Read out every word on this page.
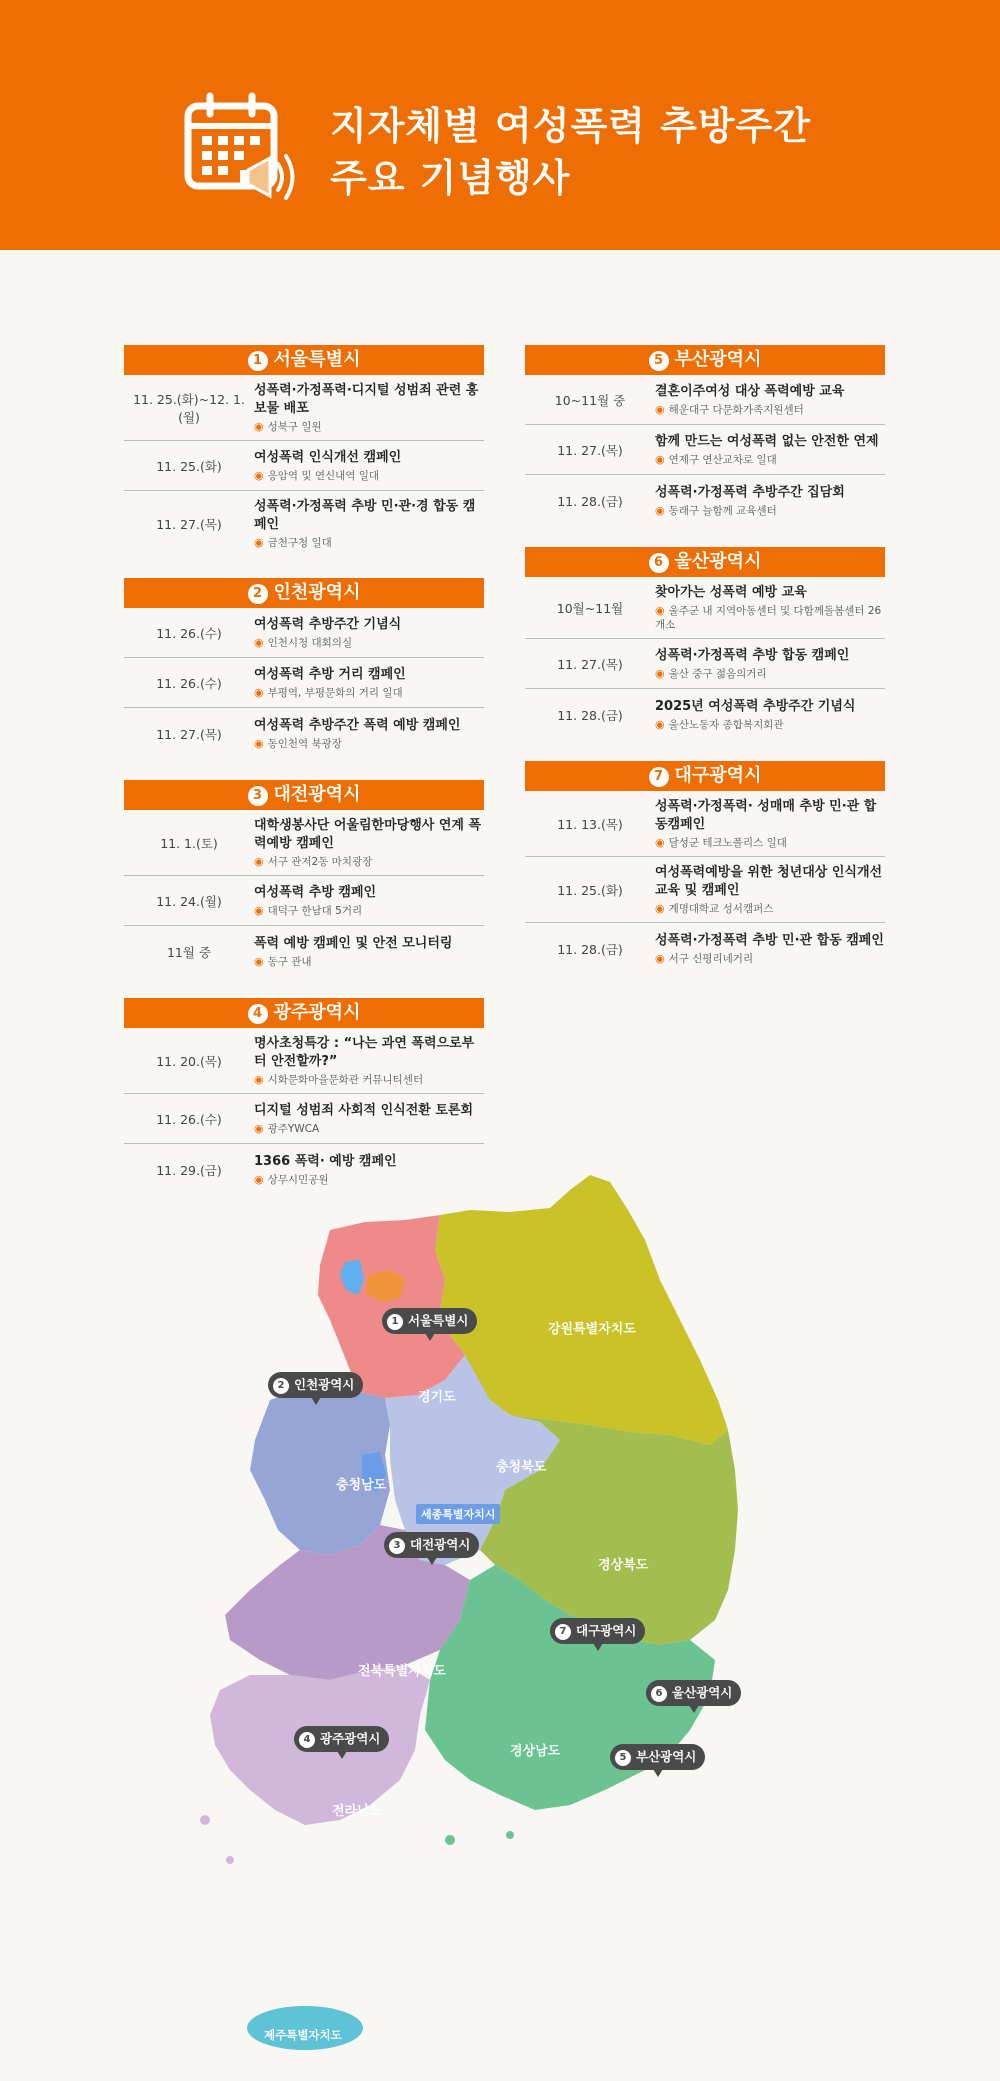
지자체별 여성폭력 추방주간
주요 기념행사
1 서울특별시
11. 25.(화)~12. 1.(월)
성폭력·가정폭력·디지털 성범죄 관련 홍보물 배포
◉ 성북구 일원
11. 25.(화)
여성폭력 인식개선 캠페인
◉ 응암역 및 연신내역 일대
11. 27.(목)
성폭력·가정폭력 추방 민·관·경 합동 캠페인
◉ 금천구청 일대
2 인천광역시
11. 26.(수)
여성폭력 추방주간 기념식
◉ 인천시청 대회의실
11. 26.(수)
여성폭력 추방 거리 캠페인
◉ 부평역, 부평문화의 거리 일대
11. 27.(목)
여성폭력 추방주간 폭력 예방 캠페인
◉ 동인천역 북광장
3 대전광역시
11. 1.(토)
대학생봉사단 어울림한마당행사 연계 폭력예방 캠페인
◉ 서구 관저2동 마치광장
11. 24.(월)
여성폭력 추방 캠페인
◉ 대덕구 한남대 5거리
11월 중
폭력 예방 캠페인 및 안전 모니터링
◉ 동구 관내
4 광주광역시
11. 20.(목)
명사초청특강 : “나는 과연 폭력으로부터 안전할까?”
◉ 시화문화마을문화관 커뮤니티센터
11. 26.(수)
디지털 성범죄 사회적 인식전환 토론회
◉ 광주YWCA
11. 29.(금)
1366 폭력· 예방 캠페인
◉ 상무시민공원
5 부산광역시
10~11월 중
결혼이주여성 대상 폭력예방 교육
◉ 해운대구 다문화가족지원센터
11. 27.(목)
함께 만드는 여성폭력 없는 안전한 연제
◉ 연제구 연산교차로 일대
11. 28.(금)
성폭력·가정폭력 추방주간 집담회
◉ 동래구 늘함께 교육센터
6 울산광역시
10월~11월
찾아가는 성폭력 예방 교육
◉ 울주군 내 지역아동센터 및 다함께돌봄센터 26개소
11. 27.(목)
성폭력·가정폭력 추방 합동 캠페인
◉ 울산 중구 젊음의거리
11. 28.(금)
2025년 여성폭력 추방주간 기념식
◉ 울산노동자 종합복지회관
7 대구광역시
11. 13.(목)
성폭력·가정폭력· 성매매 추방 민·관 합동캠페인
◉ 달성군 테크노폴리스 일대
11. 25.(화)
여성폭력예방을 위한 청년대상 인식개선교육 및 캠페인
◉ 계명대학교 성서캠퍼스
11. 28.(금)
성폭력·가정폭력 추방 민·관 합동 캠페인
◉ 서구 신평리네거리
강원특별자치도
경기도
충청북도
충청남도
경상북도
전북특별자치도
경상남도
전라남도
세종특별자치시
제주특별자치도
1 서울특별시
2 인천광역시
3 대전광역시
4 광주광역시
5 부산광역시
6 울산광역시
7 대구광역시
